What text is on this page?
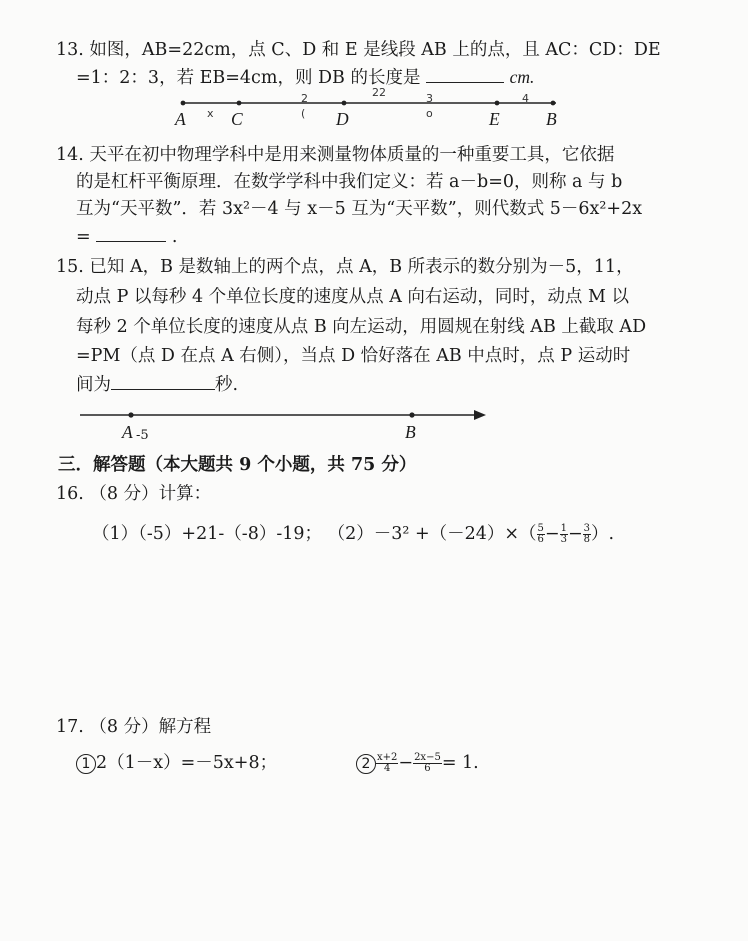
13. 如图，AB=22cm，点 C、D 和 E 是线段 AB 上的点，且 AC：CD：DE
=1：2：3，若 EB=4cm，则 DB 的长度是	cm.
A	C	D	E	B
x
2	22	3	4
(	o
14. 天平在初中物理学科中是用来测量物体质量的一种重要工具，它依据
的是杠杆平衡原理．在数学学科中我们定义：若 a－b=0，则称 a 与 b
互为“天平数”．若 3x²－4 与 x－5 互为“天平数”，则代数式 5－6x²+2x
=	.
15. 已知 A，B 是数轴上的两个点，点 A，B 所表示的数分别为－5，11，
动点 P 以每秒 4 个单位长度的速度从点 A 向右运动，同时，动点 M 以
每秒 2 个单位长度的速度从点 B 向左运动，用圆规在射线 AB 上截取 AD
=PM（点 D 在点 A 右侧），当点 D 恰好落在 AB 中点时，点 P 运动时
间为	秒.
A -5	B
三．解答题（本大题共 9 个小题，共 75 分）
16. （8 分）计算：
（1）（-5）+21-（-8）-19； $(2)-3^2 +(-24)\times( \frac{5}{6} - \frac{1}{3} - \frac{3}{8}$ ）.
17. （8 分）解方程
1 2（1－x）=－5x+8；	$2 \frac{x+2}{4} - \frac{2x-5}{6} = 1$.
